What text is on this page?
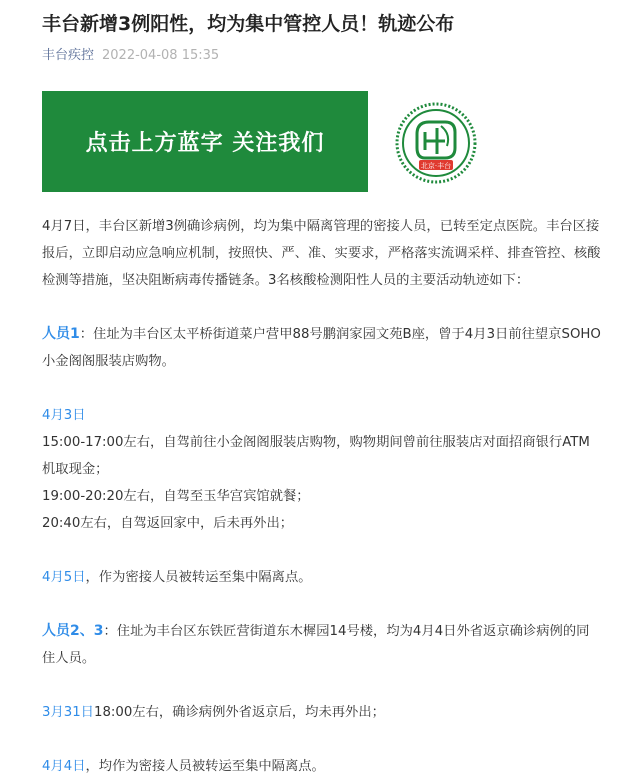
丰台新增3例阳性，均为集中管控人员！轨迹公布
丰台疾控 2022-04-08 15:35
点击上方蓝字 关注我们
北京·丰台

4月7日，丰台区新增3例确诊病例，均为集中隔离管理的密接人员，已转至定点医院。丰台区接报后，立即启动应急响应机制，按照快、严、准、实要求，严格落实流调采样、排查管控、核酸检测等措施，坚决阻断病毒传播链条。3名核酸检测阳性人员的主要活动轨迹如下：

人员1：住址为丰台区太平桥街道菜户营甲88号鹏润家园文苑B座，曾于4月3日前往望京SOHO小金阁阁服装店购物。

4月3日

15:00-17:00左右，自驾前往小金阁阁服装店购物，购物期间曾前往服装店对面招商银行ATM机取现金；

19:00-20:20左右，自驾至玉华宫宾馆就餐；

20:40左右，自驾返回家中，后未再外出；

4月5日，作为密接人员被转运至集中隔离点。

人员2、3：住址为丰台区东铁匠营街道东木樨园14号楼，均为4月4日外省返京确诊病例的同住人员。

3月31日18:00左右，确诊病例外省返京后，均未再外出；

4月4日，均作为密接人员被转运至集中隔离点。
